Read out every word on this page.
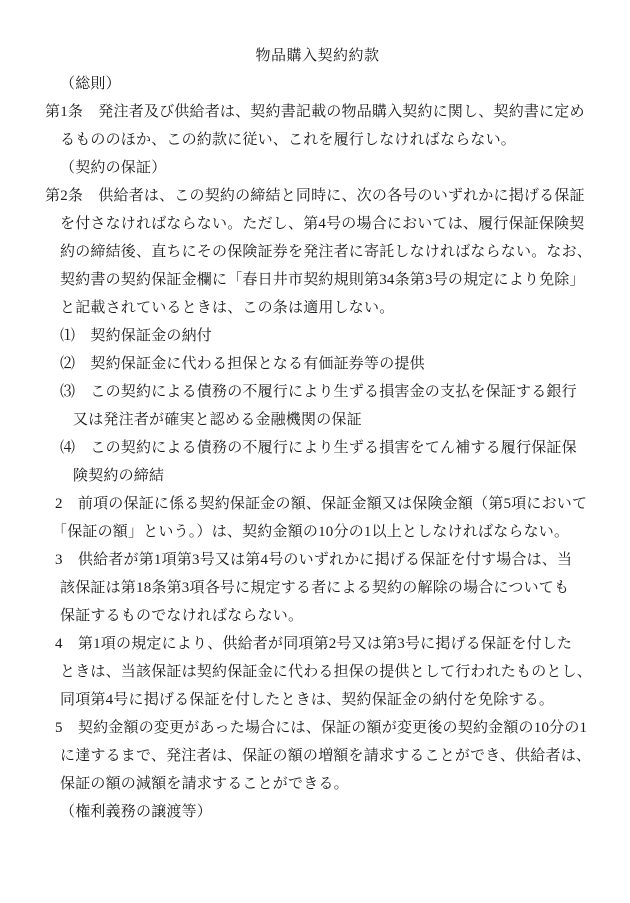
物品購入契約約款
（総則）
第1条　発注者及び供給者は、契約書記載の物品購入契約に関し、契約書に定め
るもののほか、この約款に従い、これを履行しなければならない。
（契約の保証）
第2条　供給者は、この契約の締結と同時に、次の各号のいずれかに掲げる保証
を付さなければならない。ただし、第4号の場合においては、履行保証保険契
約の締結後、直ちにその保険証券を発注者に寄託しなければならない。なお、
契約書の契約保証金欄に「春日井市契約規則第34条第3号の規定により免除」
と記載されているときは、この条は適用しない。
⑴　契約保証金の納付
⑵　契約保証金に代わる担保となる有価証券等の提供
⑶　この契約による債務の不履行により生ずる損害金の支払を保証する銀行
又は発注者が確実と認める金融機関の保証
⑷　この契約による債務の不履行により生ずる損害をてん補する履行保証保
険契約の締結
2　前項の保証に係る契約保証金の額、保証金額又は保険金額（第5項において
「保証の額」という。）は、契約金額の10分の1以上としなければならない。
3　供給者が第1項第3号又は第4号のいずれかに掲げる保証を付す場合は、当
該保証は第18条第3項各号に規定する者による契約の解除の場合についても
保証するものでなければならない。
4　第1項の規定により、供給者が同項第2号又は第3号に掲げる保証を付した
ときは、当該保証は契約保証金に代わる担保の提供として行われたものとし、
同項第4号に掲げる保証を付したときは、契約保証金の納付を免除する。
5　契約金額の変更があった場合には、保証の額が変更後の契約金額の10分の1
に達するまで、発注者は、保証の額の増額を請求することができ、供給者は、
保証の額の減額を請求することができる。
（権利義務の譲渡等）
